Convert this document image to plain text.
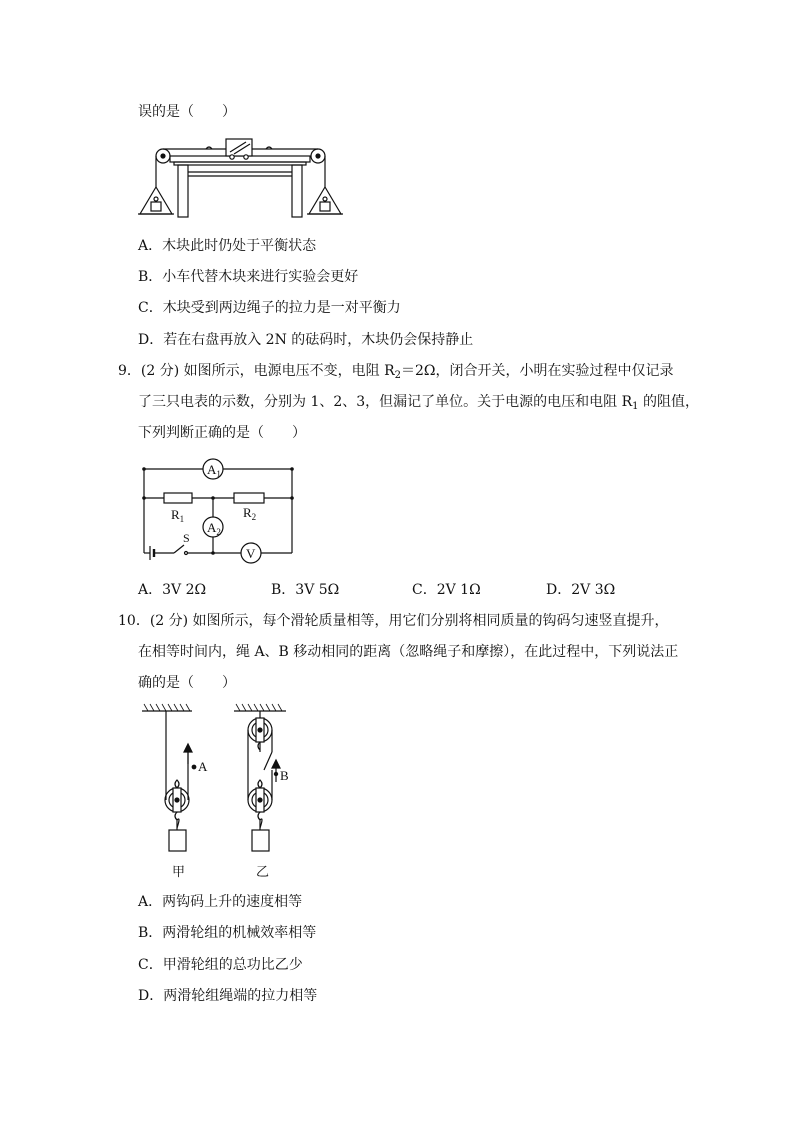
误的是（　　）
A．木块此时仍处于平衡状态
B．小车代替木块来进行实验会更好
C．木块受到两边绳子的拉力是一对平衡力
D．若在右盘再放入 2N 的砝码时，木块仍会保持静止
9．(2 分) 如图所示，电源电压不变，电阻 $R_2=2\Omega$，闭合开关，小明在实验过程中仅记录
了三只电表的示数，分别为 1、2、3，但漏记了单位。关于电源的电压和电阻 $R_1$ 的阻值，
下列判断正确的是（　　）
$A_1$
$A_2$
$R_1$	$R_2$
V
S
A．3V 2Ω	B．3V 5Ω	C．2V 1Ω	D．2V 3Ω
10．(2 分) 如图所示，每个滑轮质量相等，用它们分别将相同质量的钩码匀速竖直提升，
在相等时间内，绳 A、B 移动相同的距离（忽略绳子和摩擦），在此过程中，下列说法正
确的是（　　）
A
B
甲	乙
A．两钩码上升的速度相等
B．两滑轮组的机械效率相等
C．甲滑轮组的总功比乙少
D．两滑轮组绳端的拉力相等
